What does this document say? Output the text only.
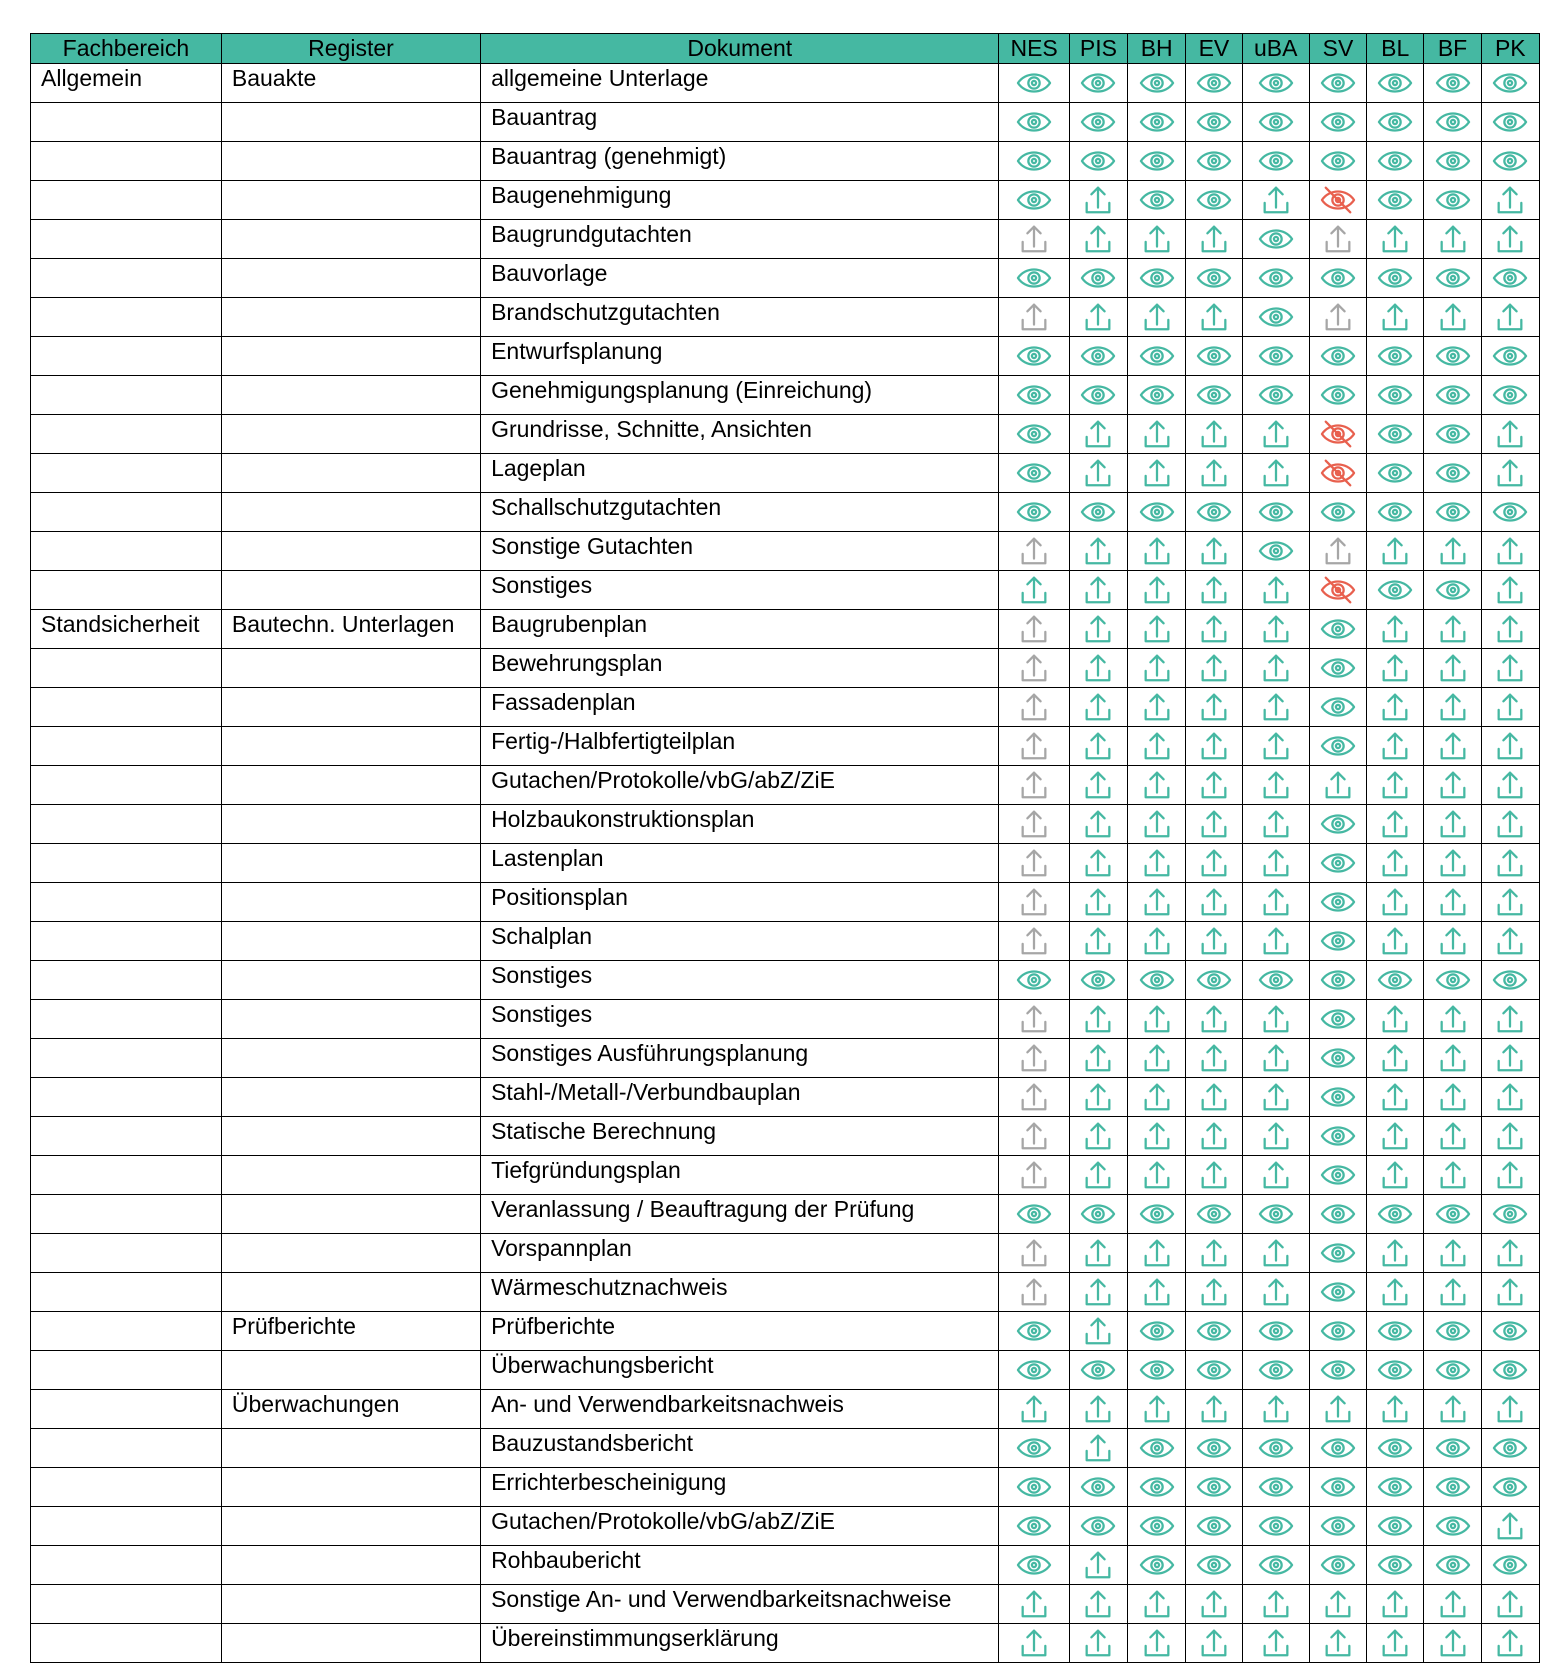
Fachbereich	Register	Dokument	NES	PIS	BH	EV	uBA	SV	BL	BF	PK
Allgemein	Bauakte	allgemeine Unterlage	

		Bauantrag	

		Bauantrag (genehmigt)	

		Baugenehmigung	

		Baugrundgutachten	

		Bauvorlage	

		Brandschutzgutachten	

		Entwurfsplanung	

		Genehmigungsplanung (Einreichung)	

		Grundrisse, Schnitte, Ansichten	

		Lageplan	

		Schallschutzgutachten	

		Sonstige Gutachten	

		Sonstiges	

Standsicherheit	Bautechn. Unterlagen	Baugrubenplan	

		Bewehrungsplan	

		Fassadenplan	

		Fertig-/Halbfertigteilplan	

		Gutachen/Protokolle/vbG/abZ/ZiE	

		Holzbaukonstruktionsplan	

		Lastenplan	

		Positionsplan	

		Schalplan	

		Sonstiges	

		Sonstiges	

		Sonstiges Ausführungsplanung	

		Stahl-/Metall-/Verbundbauplan	

		Statische Berechnung	

		Tiefgründungsplan	

		Veranlassung / Beauftragung der Prüfung	

		Vorspannplan	

		Wärmeschutznachweis	

	Prüfberichte	Prüfberichte	

		Überwachungsbericht	

	Überwachungen	An- und Verwendbarkeitsnachweis	

		Bauzustandsbericht	

		Errichterbescheinigung	

		Gutachen/Protokolle/vbG/abZ/ZiE	

		Rohbaubericht	

		Sonstige An- und Verwendbarkeitsnachweise	

		Übereinstimmungserklärung	
